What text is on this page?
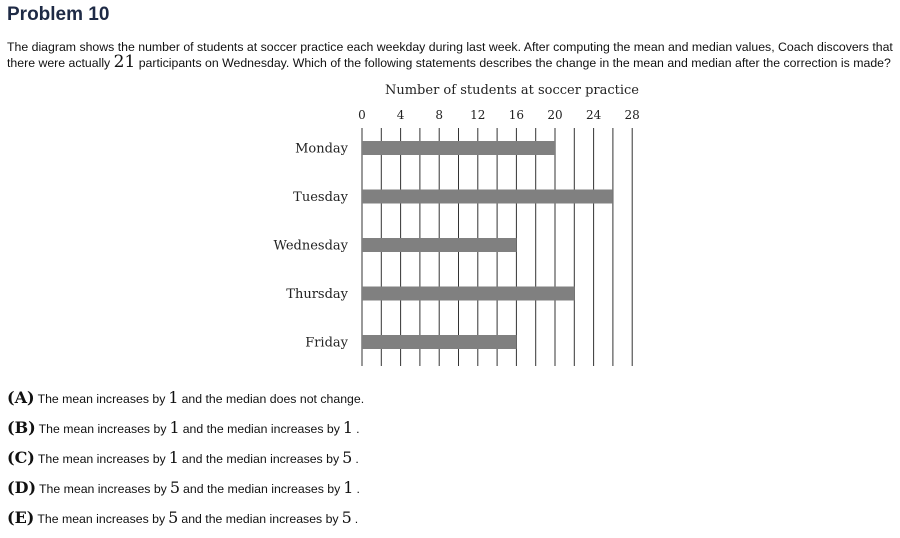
Problem 10
The diagram shows the number of students at soccer practice each weekday during last week. After computing the mean and median values, Coach discovers that there were actually 21 participants on Wednesday. Which of the following statements describes the change in the mean and median after the correction is made?
Number of students at soccer practice
0	4	8 12 16 20 24 28
Monday
Tuesday
Wednesday
Thursday
Friday
(A) The mean increases by 1 and the median does not change.
(B) The mean increases by 1 and the median increases by 1 .
(C) The mean increases by 1 and the median increases by 5 .
(D) The mean increases by 5 and the median increases by 1 .
(E) The mean increases by 5 and the median increases by 5 .
